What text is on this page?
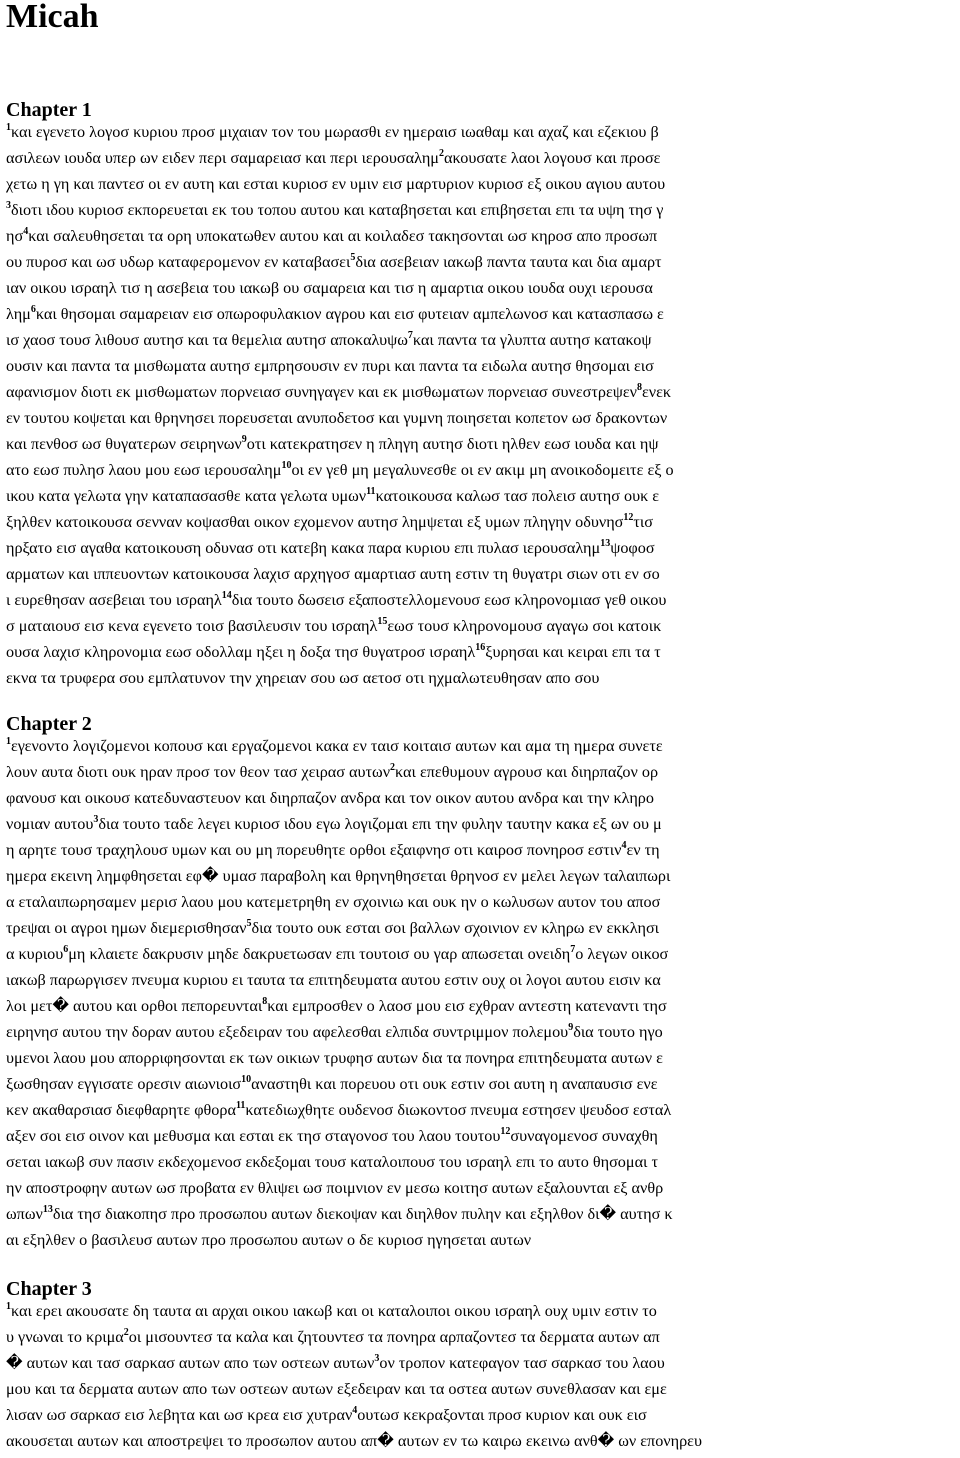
Micah
Chapter 1
$^1$και εγενετο λογοσ κυριου προσ μιχαιαν τον του μωρασθι εν ημεραισ ιωαθαμ και αχαζ και εζεκιου β
ασιλεων ιουδα υπερ ων ειδεν περι σαμαρειασ και περι ιερουσαλημ$^2$ακουσατε λαοι λογουσ και προσε
χετω η γη και παντεσ οι εν αυτη και εσται κυριοσ εν υμιν εισ μαρτυριον κυριοσ εξ οικου αγιου αυτου
$^3$διοτι ιδου κυριοσ εκπορευεται εκ του τοπου αυτου και καταβησεται και επιβησεται επι τα υψη τησ γ
$\eta\sigma^4\kappa\alpha\iota$ σαλευθησεται τα ορη υποκατωθεν αυτου και αι κοιλαδεσ τακησονται ωσ κηροσ απο προσωπ
ου πυροσ και ωσ υδωρ καταφερομενον εν καταβασει$^5$δια ασεβειαν ιακωβ παντα ταυτα και δια αμαρτ
ιαν οικου ισραηλ τισ η ασεβεια του ιακωβ ου σαμαρεια και τισ η αμαρτια οικου ιουδα ουχι ιερουσα
λημ$^6$και θησομαι σαμαρειαν εισ οπωροφυλακιον αγρου και εισ φυτειαν αμπελωνοσ και κατασπασω ε
ισ χαοσ τουσ λιθουσ αυτησ και τα θεμελια αυτησ αποκαλυψω$^7$και παντα τα γλυπτα αυτησ κατακοψ
ουσιν και παντα τα μισθωματα αυτησ εμπρησουσιν εν πυρι και παντα τα ειδωλα αυτησ θησομαι εισ
αφανισμον διοτι εκ μισθωματων πορνειασ συνηγαγεν και εκ μισθωματων πορνειασ συνεστρεψεν$^8$ενεκ
εν τουτου κοψεται και θρηνησει πορευσεται ανυποδετοσ και γυμνη ποιησεται κοπετον ωσ δρακοντων
και πενθοσ ωσ θυγατερων σειρηνων$^9$οτι κατεκρατησεν η πληγη αυτησ διοτι ηλθεν εωσ ιουδα και ηψ
ατο εωσ πυλησ λαου μου εωσ ιερουσαλημ$^{10}$οι εν γεθ μη μεγαλυνεσθε οι εν ακιμ μη ανοικοδομειτε εξ ο
ικου κατα γελωτα γην καταπασασθε κατα γελωτα υμων$^{11}$κατοικουσα καλωσ τασ πολεισ αυτησ ουκ ε
ξηλθεν κατοικουσα σενναν κοψασθαι οικον εχομενον αυτησ λημψεται εξ υμων πληγην οδυνησ$^{12}$τισ
ηρξατο εισ αγαθα κατοικουση οδυνασ οτι κατεβη κακα παρα κυριου επι πυλασ ιερουσαλημ$^{13}$ψοφοσ
αρματων και ιππευοντων κατοικουσα λαχισ αρχηγοσ αμαρτιασ αυτη εστιν τη θυγατρι σιων οτι εν σο
ι ευρεθησαν ασεβειαι του ισραηλ$^{14}$δια τουτο δωσεισ εξαποστελλομενουσ εωσ κληρονομιασ γεθ οικου
σ ματαιουσ εισ κενα εγενετο τοισ βασιλευσιν του ισραηλ$^{15}$εωσ τουσ κληρονομουσ αγαγω σοι κατοικ
ουσα λαχισ κληρονομια εωσ οδολλαμ ηξει η δοξα τησ θυγατροσ ισραηλ$^{16}$ξυρησαι και κειραι επι τα τ
εκνα τα τρυφερα σου εμπλατυνον την χηρειαν σου ωσ αετοσ οτι ηχμαλωτευθησαν απο σου
Chapter 2
$^1$εγενοντο λογιζομενοι κοπουσ και εργαζομενοι κακα εν ταισ κοιταισ αυτων και αμα τη ημερα συνετε
λουν αυτα διοτι ουκ ηραν προσ τον θεον τασ χειρασ αυτων$^2$και επεθυμουν αγρουσ και διηρπαζον ορ
φανουσ και οικουσ κατεδυναστευον και διηρπαζον ανδρα και τον οικον αυτου ανδρα και την κληρο
νομιαν αυτου$^3$δια τουτο ταδε λεγει κυριοσ ιδου εγω λογιζομαι επι την φυλην ταυτην κακα εξ ων ου μ
η αρητε τουσ τραχηλουσ υμων και ου μη πορευθητε ορθοι εξαιφνησ οτι καιροσ πονηροσ εστιν$^4$εν τη
ημερα εκεινη λημφθησεται εφ� υμασ παραβολη και θρηνηθησεται θρηνοσ εν μελει λεγων ταλαιπωρι
α εταλαιπωρησαμεν μερισ λαου μου κατεμετρηθη εν σχοινιω και ουκ ην ο κωλυσων αυτον του αποσ
τρεψαι οι αγροι ημων διεμερισθησαν$^5$δια τουτο ουκ εσται σοι βαλλων σχοινιον εν κληρω εν εκκλησι
α κυριου$^6$μη κλαιετε δακρυσιν μηδε δακρυετωσαν επι τουτοισ ου γαρ απωσεται ονειδη$^7$ο λεγων οικοσ
ιακωβ παρωργισεν πνευμα κυριου ει ταυτα τα επιτηδευματα αυτου εστιν ουχ οι λογοι αυτου εισιν κα
λοι μετ� αυτου και ορθοι πεπορευνται$^8$και εμπροσθεν ο λαοσ μου εισ εχθραν αντεστη κατεναντι τησ
ειρηνησ αυτου την δοραν αυτου εξεδειραν του αφελεσθαι ελπιδα συντριμμον πολεμου$^9$δια τουτο ηγο
υμενοι λαου μου απορριφησονται εκ των οικιων τρυφησ αυτων δια τα πονηρα επιτηδευματα αυτων ε
ξωσθησαν εγγισατε ορεσιν αιωνιοισ$^{10}$αναστηθι και πορευου οτι ουκ εστιν σοι αυτη η αναπαυσισ ενε
κεν ακαθαρσιασ διεφθαρητε φθορα$^{11}$κατεδιωχθητε ουδενοσ διωκοντοσ πνευμα εστησεν ψευδοσ εσταλ
αξεν σοι εισ οινον και μεθυσμα και εσται εκ τησ σταγονοσ του λαου τουτου$^{12}$συναγομενοσ συναχθη
σεται ιακωβ συν πασιν εκδεχομενοσ εκδεξομαι τουσ καταλοιπουσ του ισραηλ επι το αυτο θησομαι τ
ην αποστροφην αυτων ωσ προβατα εν θλιψει ωσ ποιμνιον εν μεσω κοιτησ αυτων εξαλουνται εξ ανθρ
ωπων$^{13}$δια τησ διακοπησ προ προσωπου αυτων διεκοψαν και διηλθον πυλην και εξηλθον δι� αυτησ κ
αι εξηλθεν ο βασιλευσ αυτων προ προσωπου αυτων ο δε κυριοσ ηγησεται αυτων
Chapter 3
$^1$και ερει ακουσατε δη ταυτα αι αρχαι οικου ιακωβ και οι καταλοιποι οικου ισραηλ ουχ υμιν εστιν το
υ γνωναι το κριμα$^2$οι μισουντεσ τα καλα και ζητουντεσ τα πονηρα αρπαζοντεσ τα δερματα αυτων απ
� αυτων και τασ σαρκασ αυτων απο των οστεων αυτων$^3$ον τροπον κατεφαγον τασ σαρκασ του λαου
μου και τα δερματα αυτων απο των οστεων αυτων εξεδειραν και τα οστεα αυτων συνεθλασαν και εμε
λισαν ωσ σαρκασ εισ λεβητα και ωσ κρεα εισ χυτραν$^4$ουτωσ κεκραξονται προσ κυριον και ουκ εισ
ακουσεται αυτων και αποστρεψει το προσωπον αυτου απ� αυτων εν τω καιρω εκεινω ανθ� ων επονηρευ
